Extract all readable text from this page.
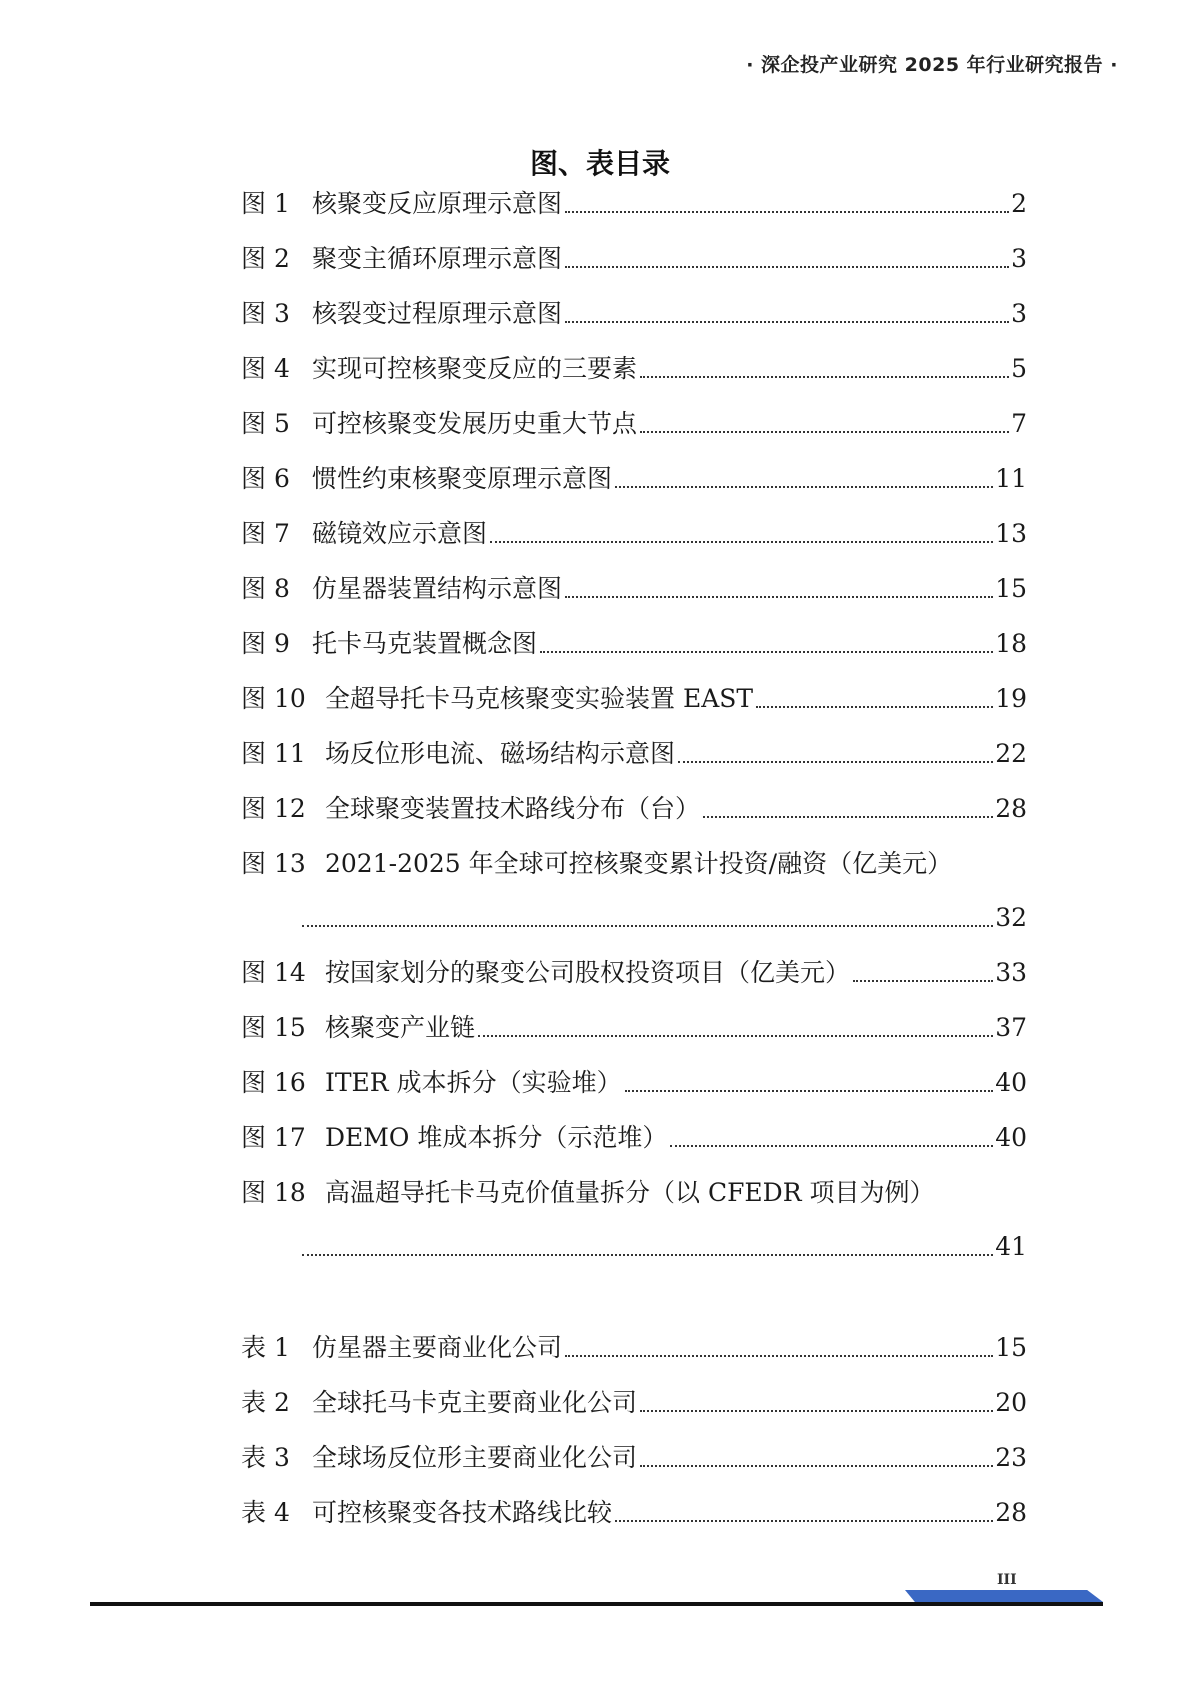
· 深企投产业研究 2025 年行业研究报告 ·
图、表目录
图 1 核聚变反应原理示意图	2
图 2 聚变主循环原理示意图	3
图 3 核裂变过程原理示意图	3
图 4 实现可控核聚变反应的三要素	5
图 5 可控核聚变发展历史重大节点	7
图 6 惯性约束核聚变原理示意图	11
图 7 磁镜效应示意图	13
图 8 仿星器装置结构示意图	15
图 9 托卡马克装置概念图	18
图 10 全超导托卡马克核聚变实验装置 EAST	19
图 11 场反位形电流、磁场结构示意图	22
图 12 全球聚变装置技术路线分布（台）	28
图 13 2021-2025 年全球可控核聚变累计投资/融资（亿美元）
32
图 14 按国家划分的聚变公司股权投资项目（亿美元）	33
图 15 核聚变产业链	37
图 16 ITER 成本拆分（实验堆）	40
图 17 DEMO 堆成本拆分（示范堆）	40
图 18 高温超导托卡马克价值量拆分（以 CFEDR 项目为例）
41
表 1 仿星器主要商业化公司	15
表 2 全球托马卡克主要商业化公司	20
表 3 全球场反位形主要商业化公司	23
表 4 可控核聚变各技术路线比较	28
III
